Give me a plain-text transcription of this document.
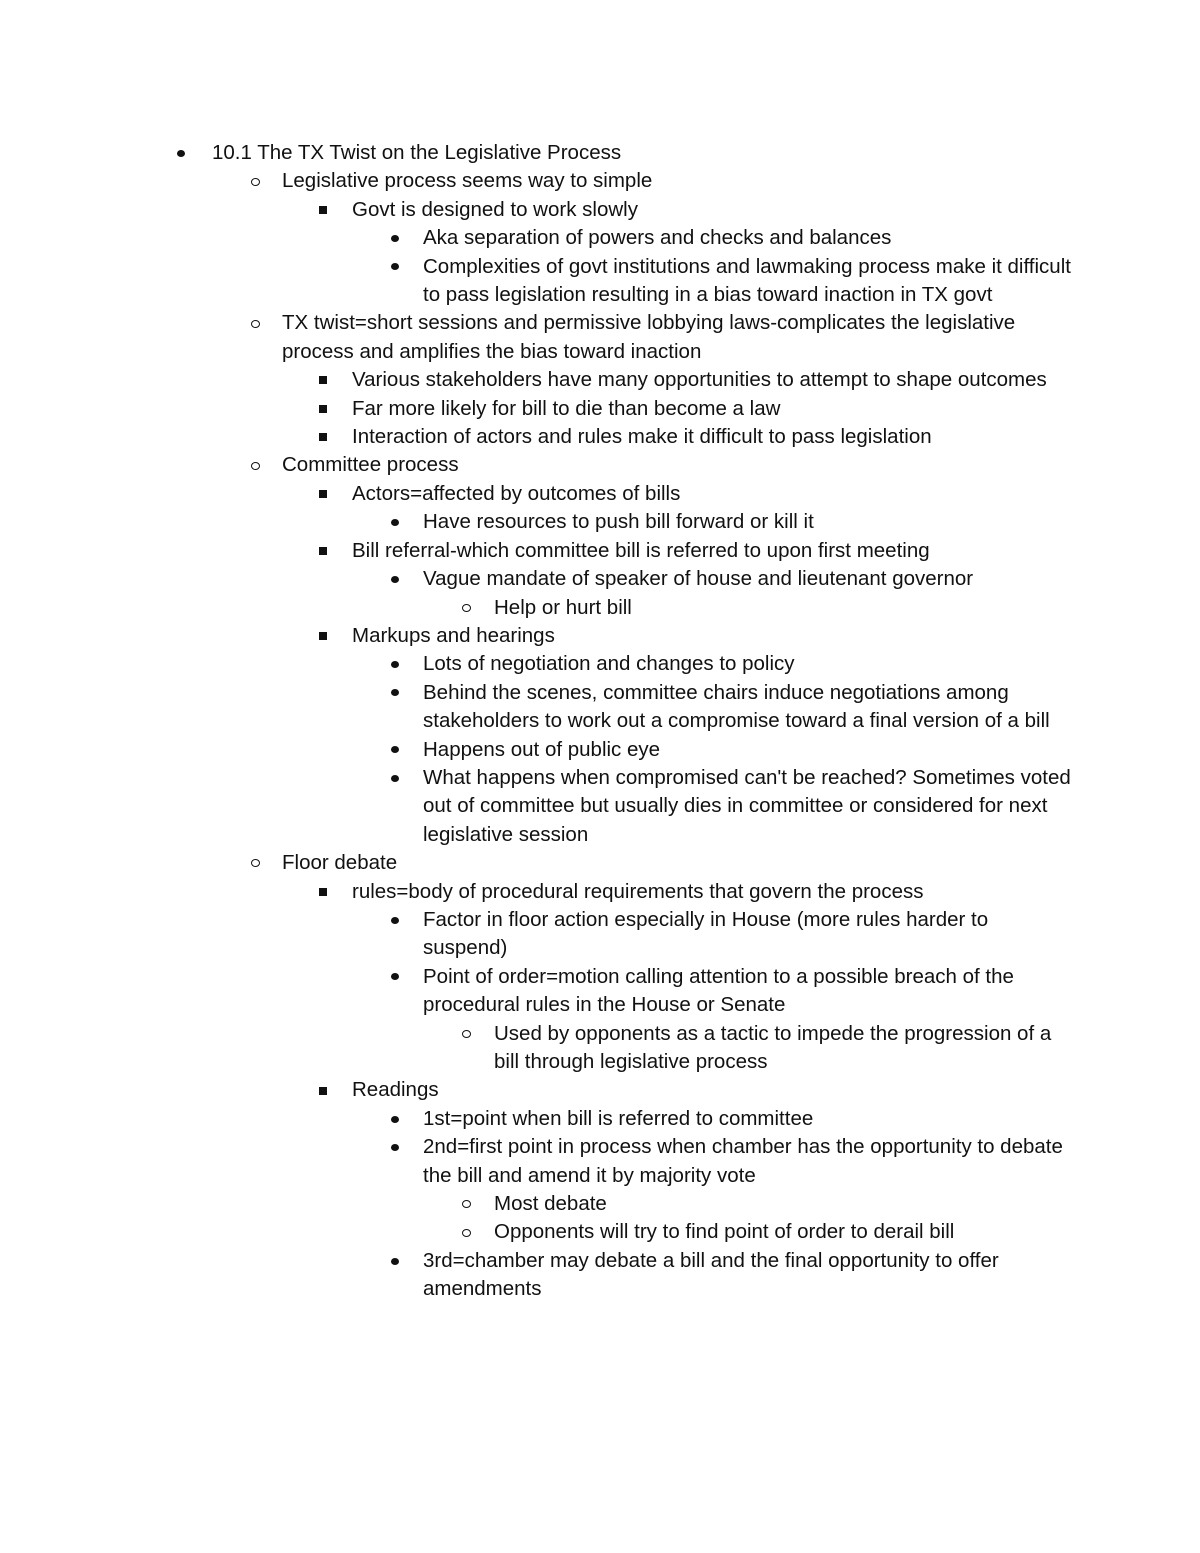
10.1 The TX Twist on the Legislative Process
Legislative process seems way to simple
Govt is designed to work slowly
Aka separation of powers and checks and balances
Complexities of govt institutions and lawmaking process make it difficult to pass legislation resulting in a bias toward inaction in TX govt
TX twist=short sessions and permissive lobbying laws-complicates the legislative process and amplifies the bias toward inaction
Various stakeholders have many opportunities to attempt to shape outcomes
Far more likely for bill to die than become a law
Interaction of actors and rules make it difficult to pass legislation
Committee process
Actors=affected by outcomes of bills
Have resources to push bill forward or kill it
Bill referral-which committee bill is referred to upon first meeting
Vague mandate of speaker of house and lieutenant governor
Help or hurt bill
Markups and hearings
Lots of negotiation and changes to policy
Behind the scenes, committee chairs induce negotiations among stakeholders to work out a compromise toward a final version of a bill
Happens out of public eye
What happens when compromised can't be reached? Sometimes voted out of committee but usually dies in committee or considered for next legislative session
Floor debate
rules=body of procedural requirements that govern the process
Factor in floor action especially in House (more rules harder to suspend)
Point of order=motion calling attention to a possible breach of the procedural rules in the House or Senate
Used by opponents as a tactic to impede the progression of a bill through legislative process
Readings
1st=point when bill is referred to committee
2nd=first point in process when chamber has the opportunity to debate the bill and amend it by majority vote
Most debate
Opponents will try to find point of order to derail bill
3rd=chamber may debate a bill and the final opportunity to offer amendments
